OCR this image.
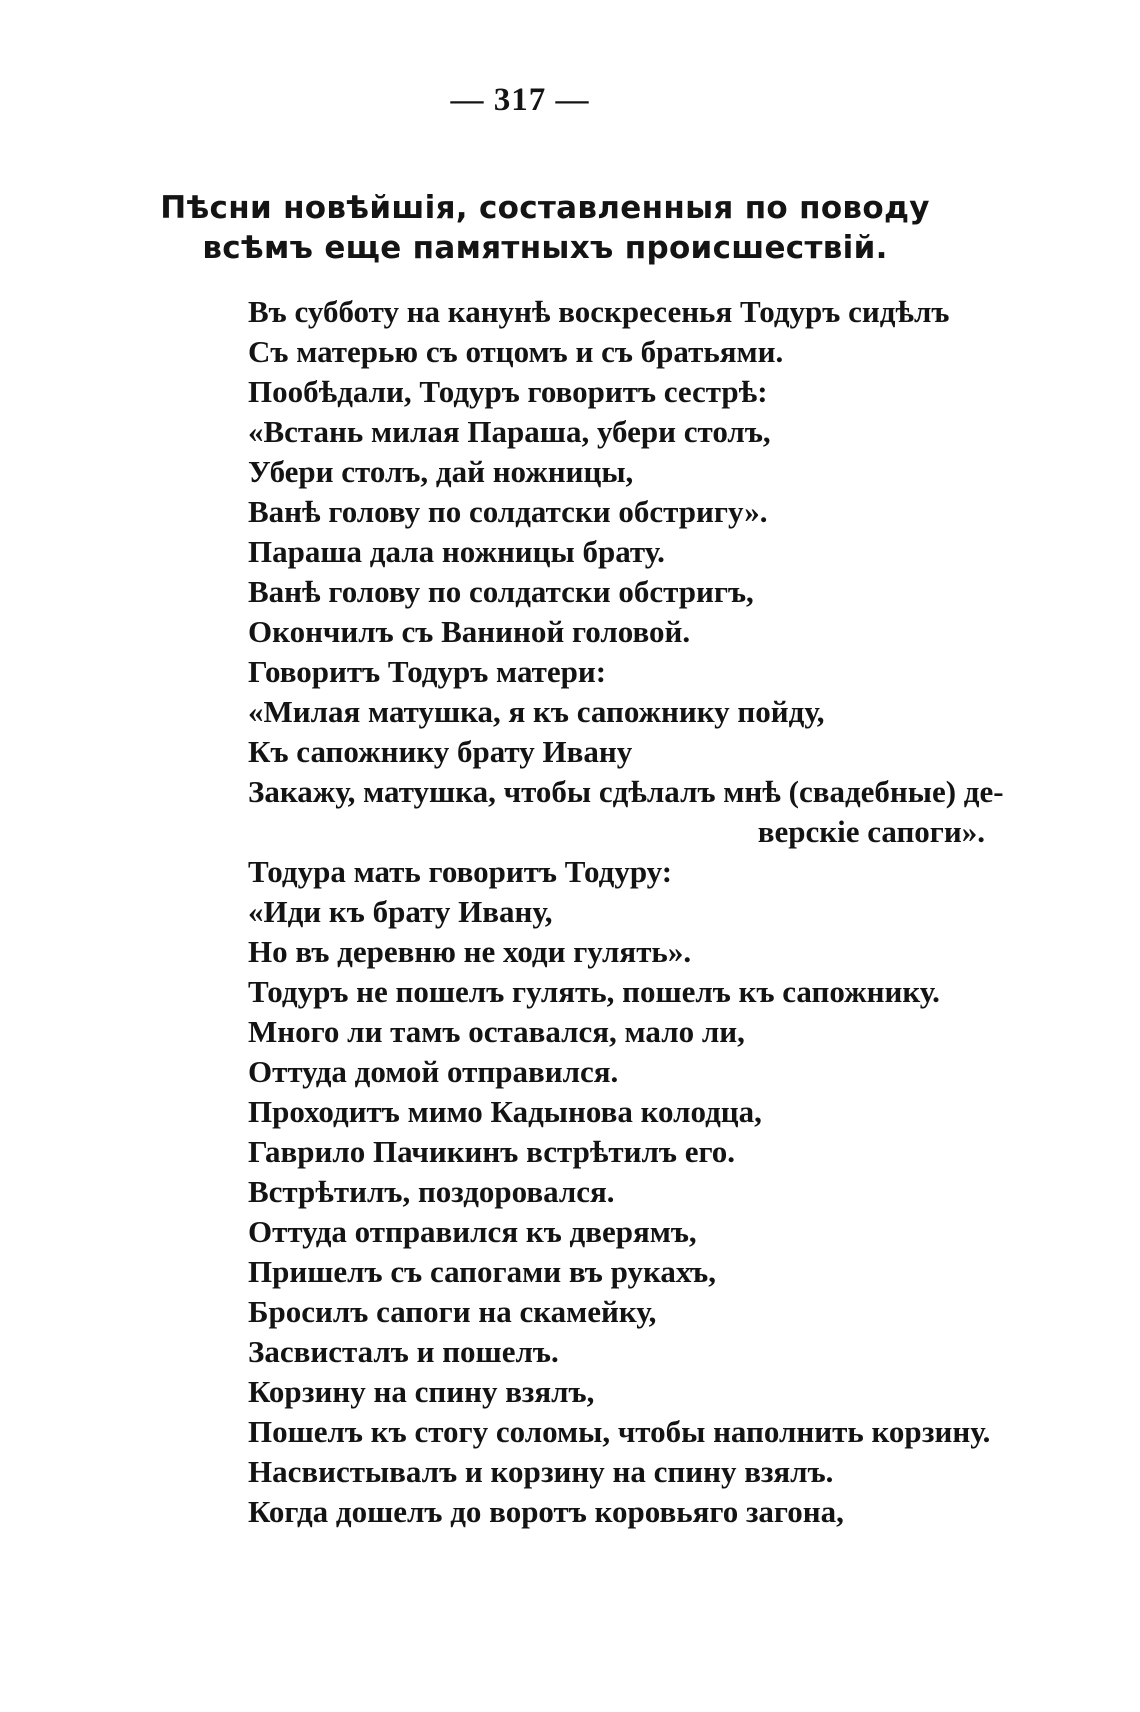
— 317 —
Пѣсни новѣйшія, составленныя по поводу
всѣмъ еще памятныхъ происшествій.
Въ субботу на канунѣ воскресенья Тодуръ сидѣлъ
Съ матерью съ отцомъ и съ братьями.
Пообѣдали, Тодуръ говоритъ сестрѣ:
«Встань милая Параша, убери столъ,
Убери столъ, дай ножницы,
Ванѣ голову по солдатски обстригу».
Параша дала ножницы брату.
Ванѣ голову по солдатски обстригъ,
Окончилъ съ Ваниной головой.
Говоритъ Тодуръ матери:
«Милая матушка, я къ сапожнику пойду,
Къ сапожнику брату Ивану
Закажу, матушка, чтобы сдѣлалъ мнѣ (свадебные) де-
верскіе сапоги».
Тодура мать говоритъ Тодуру:
«Иди къ брату Ивану,
Но въ деревню не ходи гулять».
Тодуръ не пошелъ гулять, пошелъ къ сапожнику.
Много ли тамъ оставался, мало ли,
Оттуда домой отправился.
Проходитъ мимо Кадынова колодца,
Гаврило Пачикинъ встрѣтилъ его.
Встрѣтилъ, поздоровался.
Оттуда отправился къ дверямъ,
Пришелъ съ сапогами въ рукахъ,
Бросилъ сапоги на скамейку,
Засвисталъ и пошелъ.
Корзину на спину взялъ,
Пошелъ къ стогу соломы, чтобы наполнить корзину.
Насвистывалъ и корзину на спину взялъ.
Когда дошелъ до воротъ коровьяго загона,
